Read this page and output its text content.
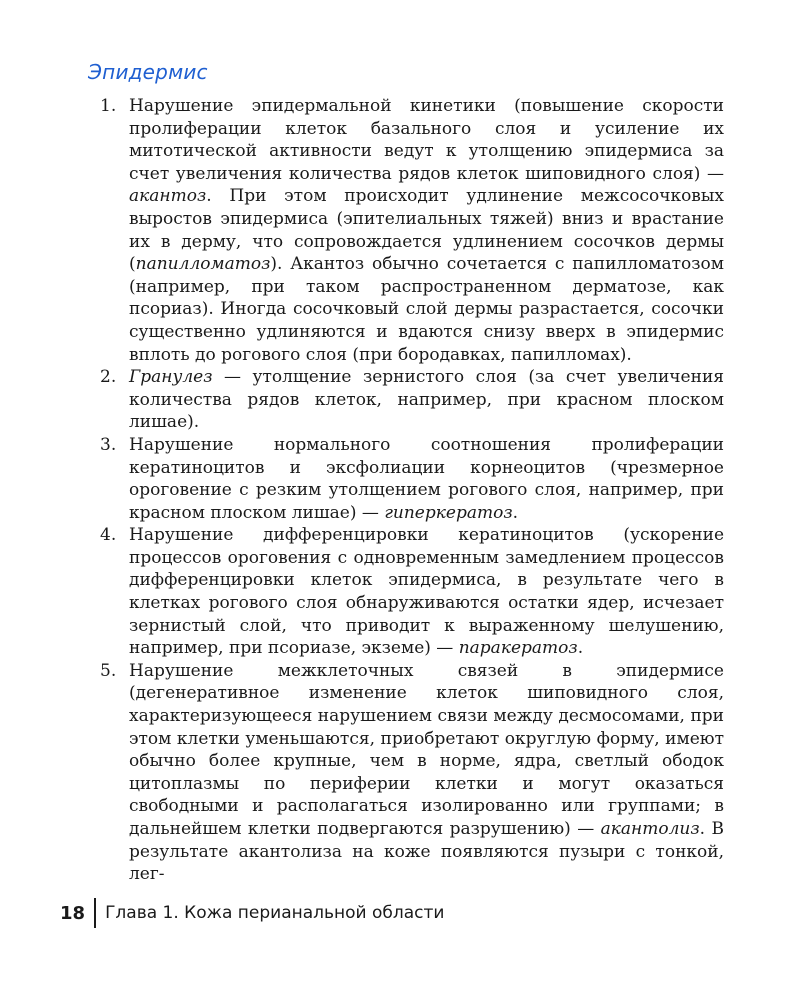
Эпидермис
1. Нарушение эпидермальной кинетики (повышение скорости пролиферации клеток базального слоя и усиление их митотической активности ведут к утолщению эпидермиса за счет увеличения количества рядов клеток шиповидного слоя) — акантоз. При этом происходит удлинение межсосочковых выростов эпидермиса (эпителиальных тяжей) вниз и врастание их в дерму, что сопровождается удлинением сосочков дермы (папилломатоз). Акантоз обычно сочетается с папилломатозом (например, при таком распространенном дерматозе, как псориаз). Иногда сосочковый слой дермы разрастается, сосочки существенно удлиняются и вдаются снизу вверх в эпидермис вплоть до рогового слоя (при бородавках, папилломах).
2. Гранулез — утолщение зернистого слоя (за счет увеличения количества рядов клеток, например, при красном плоском лишае).
3. Нарушение нормального соотношения пролиферации кератиноцитов и эксфолиации корнеоцитов (чрезмерное ороговение с резким утолщением рогового слоя, например, при красном плоском лишае) — гиперкератоз.
4. Нарушение дифференцировки кератиноцитов (ускорение процессов ороговения с одновременным замедлением процессов дифференцировки клеток эпидермиса, в результате чего в клетках рогового слоя обнаруживаются остатки ядер, исчезает зернистый слой, что приводит к выраженному шелушению, например, при псориазе, экземе) — паракератоз.
5. Нарушение межклеточных связей в эпидермисе (дегенеративное изменение клеток шиповидного слоя, характеризующееся нарушением связи между десмосомами, при этом клетки уменьшаются, приобретают округлую форму, имеют обычно более крупные, чем в норме, ядра, светлый ободок цитоплазмы по периферии клетки и могут оказаться свободными и располагаться изолированно или группами; в дальнейшем клетки подвергаются разрушению) — акантолиз. В результате акантолиза на коже появляются пузыри с тонкой, лег-
18	Глава 1. Кожа перианальной области
